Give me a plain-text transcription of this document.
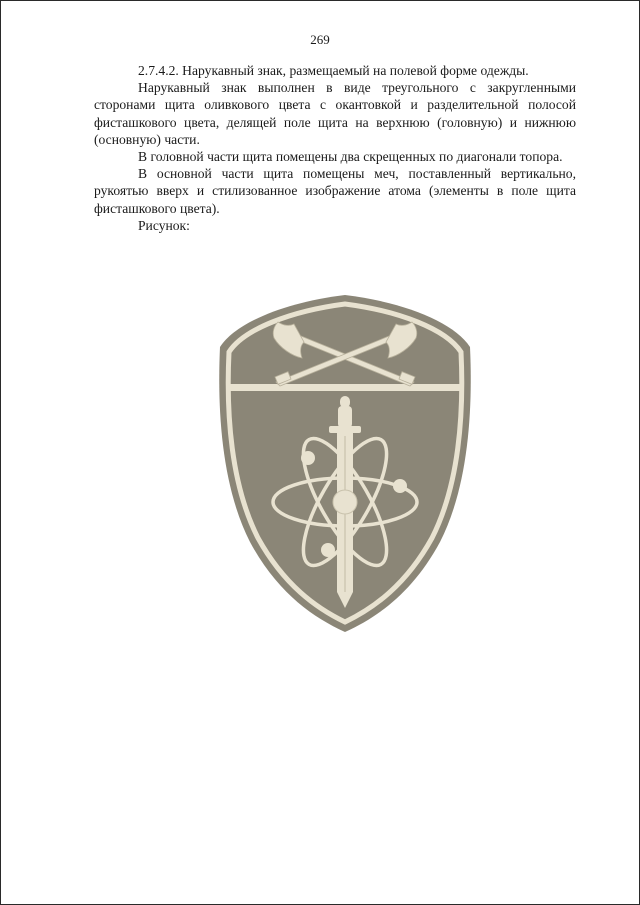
269

2.7.4.2. Нарукавный знак, размещаемый на полевой форме одежды.

Нарукавный знак выполнен в виде треугольного с закругленными сторонами щита оливкового цвета с окантовкой и разделительной полосой фисташкового цвета, делящей поле щита на верхнюю (головную) и нижнюю (основную) части.

В головной части щита помещены два скрещенных по диагонали топора.

В основной части щита помещены меч, поставленный вертикально, рукоятью вверх и стилизованное изображение атома (элементы в поле щита фисташкового цвета).

Рисунок:
